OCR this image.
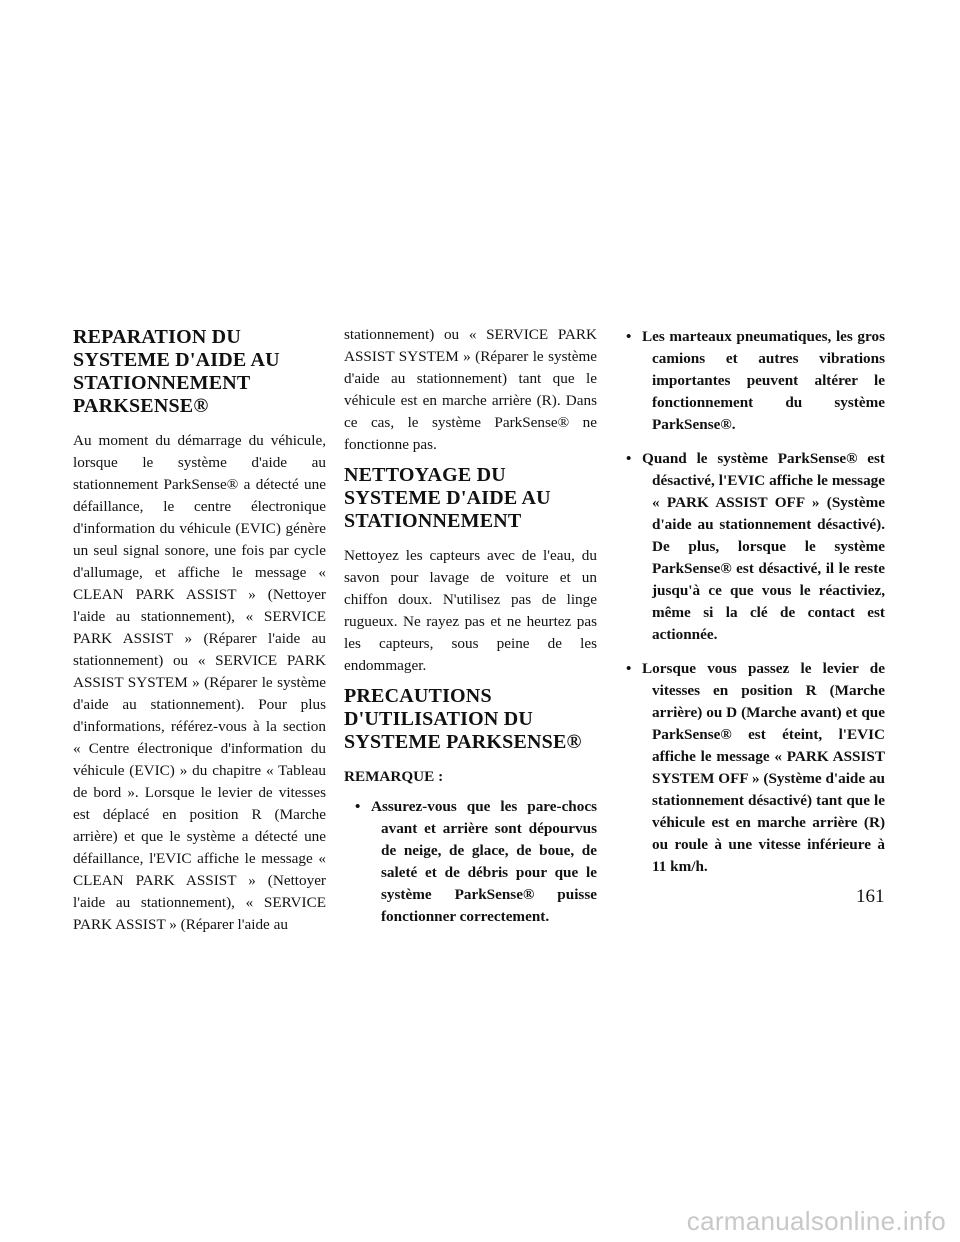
REPARATION DU SYSTEME D'AIDE AU STATIONNEMENT PARKSENSE®

Au moment du démarrage du véhicule, lorsque le système d'aide au stationnement ParkSense® a détecté une défaillance, le centre électronique d'information du véhicule (EVIC) génère un seul signal sonore, une fois par cycle d'allumage, et affiche le message « CLEAN PARK ASSIST » (Nettoyer l'aide au stationnement), « SERVICE PARK ASSIST » (Réparer l'aide au stationnement) ou « SERVICE PARK ASSIST SYSTEM » (Réparer le système d'aide au stationnement). Pour plus d'informations, référez-vous à la section « Centre électronique d'information du véhicule (EVIC) » du chapitre « Tableau de bord ». Lorsque le levier de vitesses est déplacé en position R (Marche arrière) et que le système a détecté une défaillance, l'EVIC affiche le message « CLEAN PARK ASSIST » (Nettoyer l'aide au stationnement), « SERVICE PARK ASSIST » (Réparer l'aide au

stationnement) ou « SERVICE PARK ASSIST SYSTEM » (Réparer le système d'aide au stationnement) tant que le véhicule est en marche arrière (R). Dans ce cas, le système ParkSense® ne fonctionne pas.

NETTOYAGE DU SYSTEME D'AIDE AU STATIONNEMENT

Nettoyez les capteurs avec de l'eau, du savon pour lavage de voiture et un chiffon doux. N'utilisez pas de linge rugueux. Ne rayez pas et ne heurtez pas les capteurs, sous peine de les endommager.

PRECAUTIONS D'UTILISATION DU SYSTEME PARKSENSE®
REMARQUE :
• Assurez-vous que les pare-chocs avant et arrière sont dépourvus de neige, de glace, de boue, de saleté et de débris pour que le système ParkSense® puisse fonctionner correctement.
• Les marteaux pneumatiques, les gros camions et autres vibrations importantes peuvent altérer le fonctionnement du système ParkSense®.
• Quand le système ParkSense® est désactivé, l'EVIC affiche le message « PARK ASSIST OFF » (Système d'aide au stationnement désactivé). De plus, lorsque le système ParkSense® est désactivé, il le reste jusqu'à ce que vous le réactiviez, même si la clé de contact est actionnée.
• Lorsque vous passez le levier de vitesses en position R (Marche arrière) ou D (Marche avant) et que ParkSense® est éteint, l'EVIC affiche le message « PARK ASSIST SYSTEM OFF » (Système d'aide au stationnement désactivé) tant que le véhicule est en marche arrière (R) ou roule à une vitesse inférieure à 11 km/h.
161
carmanualsonline.info
